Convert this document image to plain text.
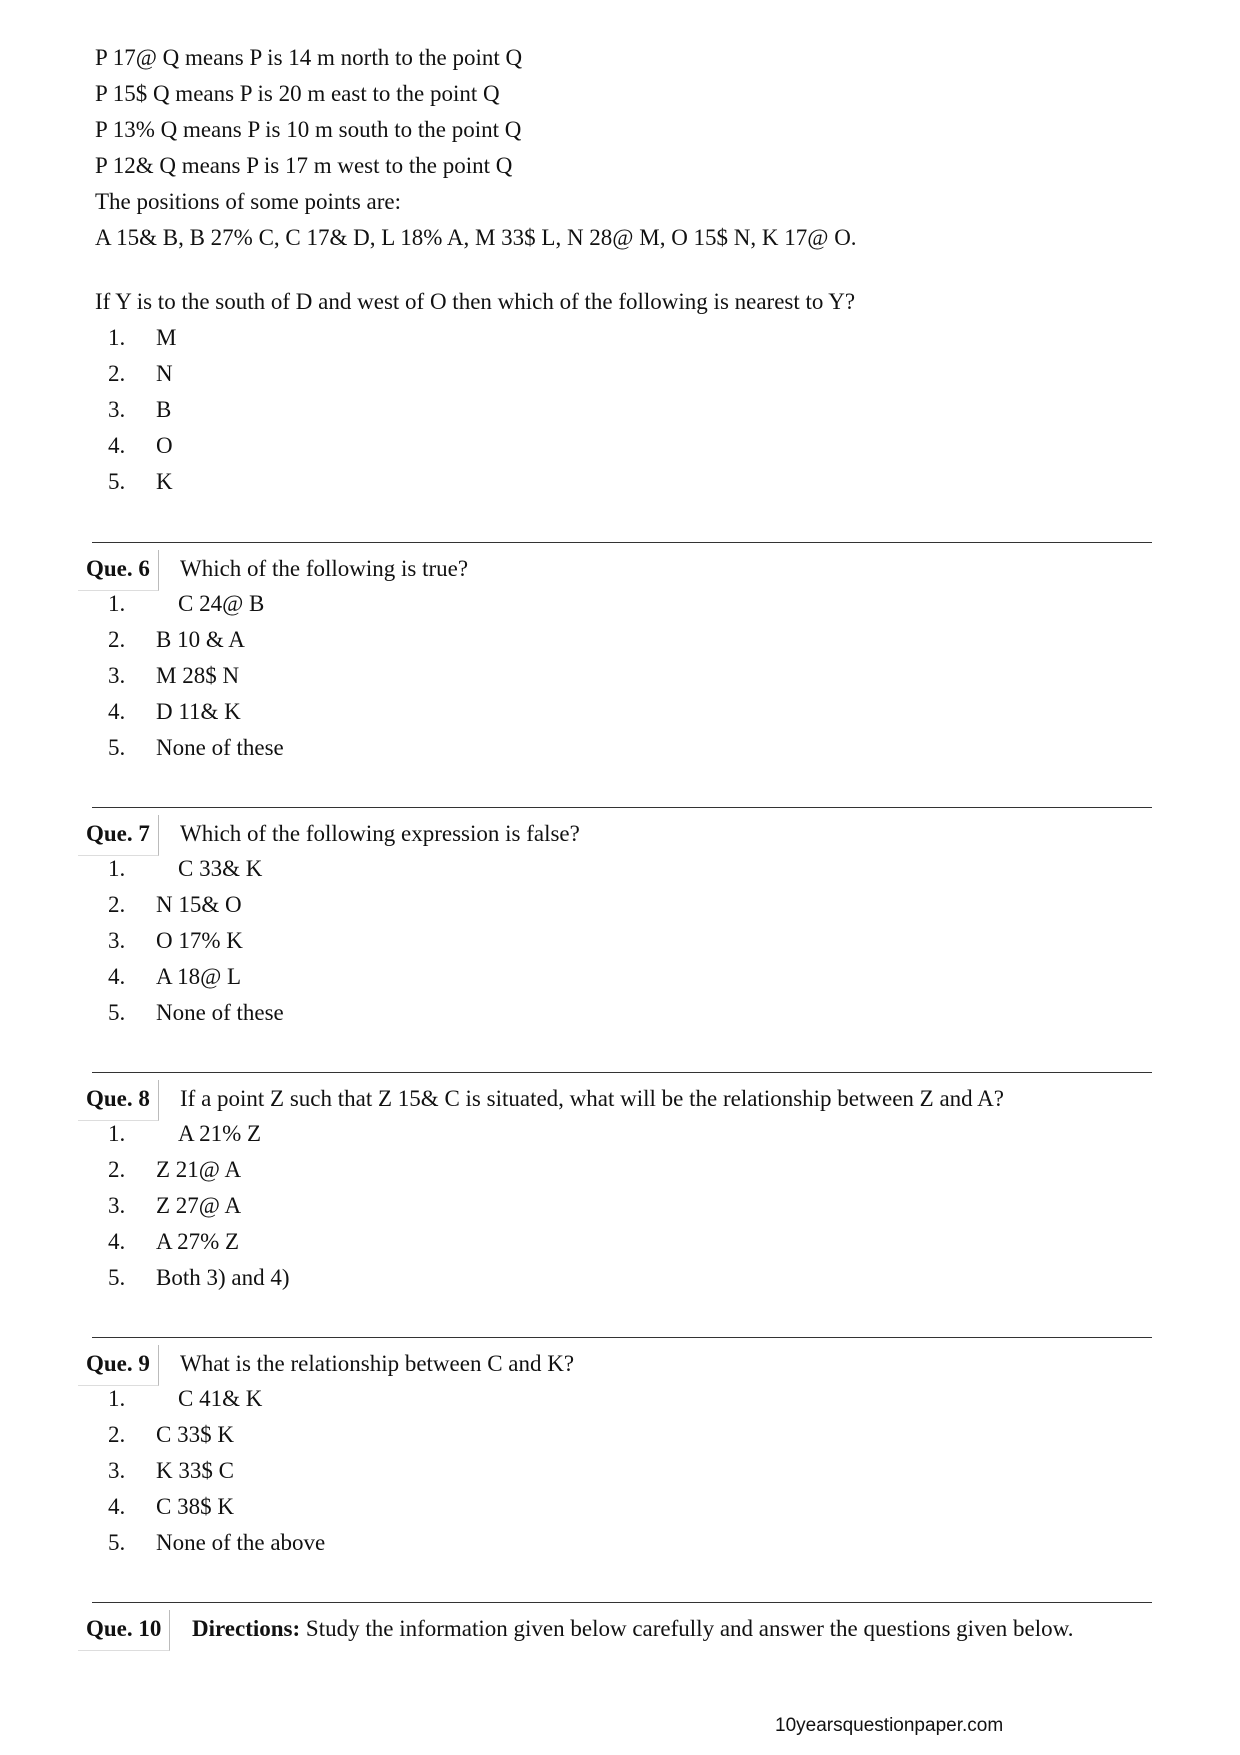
P 17@ Q means P is 14 m north to the point Q
P 15$ Q means P is 20 m east to the point Q
P 13% Q means P is 10 m south to the point Q
P 12& Q means P is 17 m west to the point Q
The positions of some points are:
A 15& B, B 27% C, C 17& D, L 18% A, M 33$ L, N 28@ M, O 15$ N, K 17@ O.
If Y is to the south of D and west of O then which of the following is nearest to Y?
1.	M
2.	N
3.	B
4.	O
5.	K
Que. 6	Which of the following is true?
1.	C 24@ B
2.	B 10 & A
3.	M 28$ N
4.	D 11& K
5.	None of these
Que. 7	Which of the following expression is false?
1.	C 33& K
2.	N 15& O
3.	O 17% K
4.	A 18@ L
5.	None of these
Que. 8	If a point Z such that Z 15& C is situated, what will be the relationship between Z and A?
1.	A 21% Z
2.	Z 21@ A
3.	Z 27@ A
4.	A 27% Z
5.	Both 3) and 4)
Que. 9	What is the relationship between C and K?
1.	C 41& K
2.	C 33$ K
3.	K 33$ C
4.	C 38$ K
5.	None of the above
Que. 10	Directions: Study the information given below carefully and answer the questions given below.
10yearsquestionpaper.com
